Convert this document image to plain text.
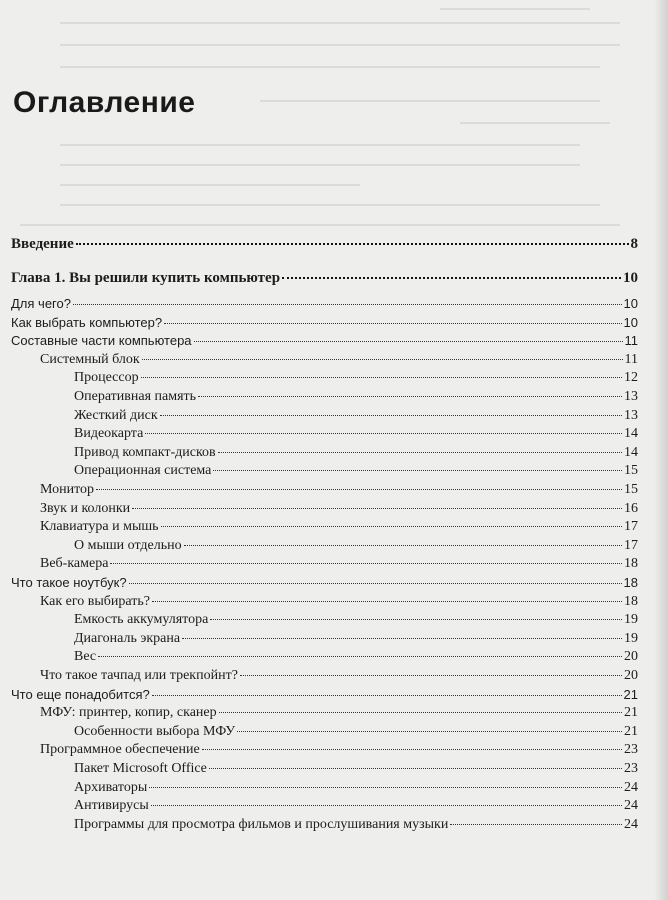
Оглавление
Введение	8
Глава 1. Вы решили купить компьютер	10
Для чего?	10
Как выбрать компьютер?	10
Составные части компьютера	11
Системный блок	11
Процессор	12
Оперативная память	13
Жесткий диск	13
Видеокарта	14
Привод компакт-дисков	14
Операционная система	15
Монитор	15
Звук и колонки	16
Клавиатура и мышь	17
О мыши отдельно	17
Веб-камера	18
Что такое ноутбук?	18
Как его выбирать?	18
Емкость аккумулятора	19
Диагональ экрана	19
Вес	20
Что такое тачпад или трекпойнт?	20
Что еще понадобится?	21
МФУ: принтер, копир, сканер	21
Особенности выбора МФУ	21
Программное обеспечение	23
Пакет Microsoft Office	23
Архиваторы	24
Антивирусы	24
Программы для просмотра фильмов и прослушивания музыки	24
